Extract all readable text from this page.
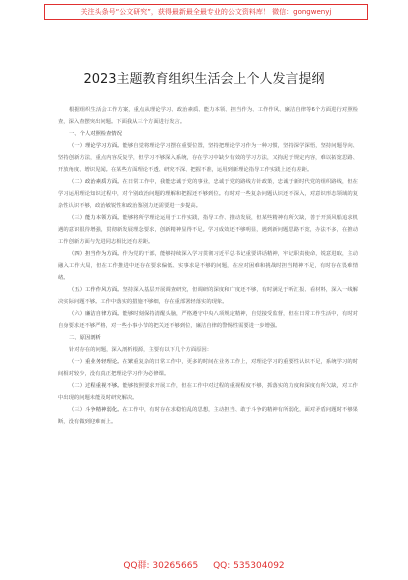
关注头条号“公文研究”，获得最新最全最专业的公文资料库！ 微信：gongwenyj
2023主题教育组织生活会上个人发言提纲

根据组织生活会工作方案，重点从理论学习、政治素质、能力本领、担当作为、工作作风、廉洁自律等6个方面进行对照检查，深入查摆突出问题。下面我从三个方面进行发言。

一、个人对照检查情况

（一）理论学习方面。能够自觉将理论学习摆在重要位置，坚持把理论学习作为一种习惯，坚持深学深悟，坚持问题导向、坚持创新方法，重点内容反复学，但学习不够深入系统，存在学习中缺少有效的学习方法，又拘泥于规定内容，难以拓宽思路、开放角度、增识见闻。在某些方面理论不透、研究不深、把握不准，运用到新理论指导工作实践上还有差距。

（二）政治素质方面。在日常工作中，我能忠诚于党的事业，忠诚于党的路线方针政策，忠诚于新时代党的组织路线，但在学习运用理论知识过程中，对个别政治问题的理解和把握还不够到位。有时对一些复杂问题认识还不深入，对意识形态领域的复杂性认识不够，政治敏锐性和政治鉴别力还需要进一步提高。

（三）能力本领方面。能够将所学理论运用于工作实践，指导工作、推动发展，但某些精神有所欠缺，善于开顶风船追求机遇的意识很待增强，贯彻新发展理念要求，创新精神显得不足。学习成效还不够明显，遇到新问题思路不宽，办法不多，在推动工作创新方面与先进同志相比还有差距。

（四）担当作为方面。作为党的干部，能够持续深入学习贯彻习近平总书记重要讲话精神，牢记职责使命，锐意进取，主动融入工作大局，但在工作推进中还存在要求偏低、实事求是不够的问题，在应对困难和挑战时担当精神不足，有时存在畏难情绪。

（五）工作作风方面。坚持深入基层开展调查研究，但调研的深度和广度还不够，有时满足于听汇报、看材料，深入一线解决实际问题不够。工作中落实的措施不够细，存在重部署轻落实的现象。

（六）廉洁自律方面。能够时刻保持清醒头脑，严格遵守中央八项规定精神，自觉接受监督，但在日常工作生活中，有时对自身要求还不够严格，对一些小事小节的把关还不够到位，廉洁自律的警惕性需要进一步增强。

二、原因剖析

针对存在的问题，深入剖析根源，主要有以下几个方面原因：

（一）重业务轻理论。在繁重复杂的日常工作中，更多的时间在业务工作上，对理论学习的重要性认识不足，系统学习的时间相对较少，没有真正把理论学习作为必修课。

（二）过程重视不够。能够按照要求开展工作，但在工作中对过程的重视程度不够，抓落实的力度和深度有所欠缺，对工作中出现的问题未能及时研究解决。

（三）斗争精神弱化。在工作中，有时存在求稳怕乱的思想，主动担当、敢于斗争的精神有所弱化，面对矛盾问题时不够果断，没有做到迎难而上。

QQ群: 30265665 QQ: 535304092
